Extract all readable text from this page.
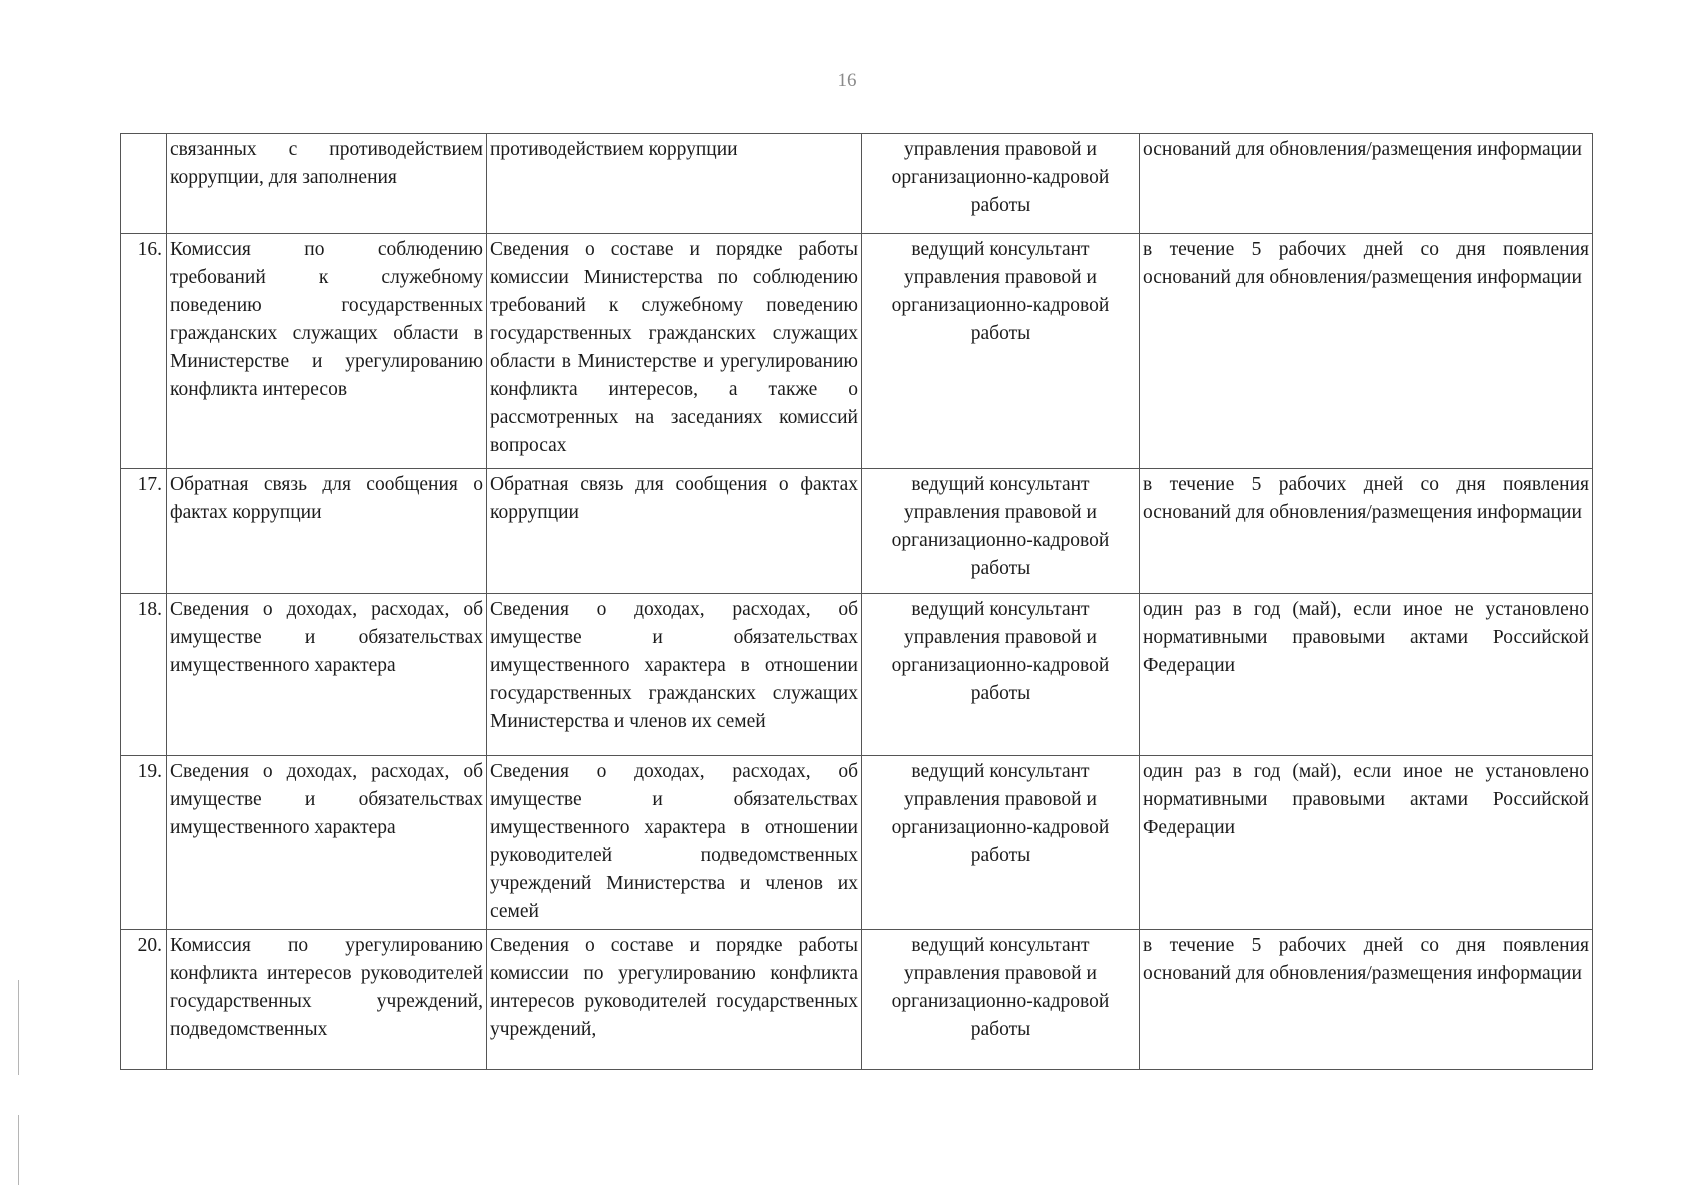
16
	связанных с противодействием коррупции, для заполнения	противодействием коррупции	управления правовой и организационно-кадровой работы	оснований для обновления/размещения информации
16.	Комиссия по соблюдению требований к служебному поведению государственных гражданских служащих области в Министерстве и урегулированию конфликта интересов	Сведения о составе и порядке работы комиссии Министерства по соблюдению требований к служебному поведению государственных гражданских служащих области в Министерстве и урегулированию конфликта интересов, а также о рассмотренных на заседаниях комиссий вопросах	ведущий консультант управления правовой и организационно-кадровой работы	в течение 5 рабочих дней со дня появления оснований для обновления/размещения информации
17.	Обратная связь для сообщения о фактах коррупции	Обратная связь для сообщения о фактах коррупции	ведущий консультант управления правовой и организационно-кадровой работы	в течение 5 рабочих дней со дня появления оснований для обновления/размещения информации
18.	Сведения о доходах, расходах, об имуществе и обязательствах имущественного характера	Сведения о доходах, расходах, об имуществе и обязательствах имущественного характера в отношении государственных гражданских служащих Министерства и членов их семей	ведущий консультант управления правовой и организационно-кадровой работы	один раз в год (май), если иное не установлено нормативными правовыми актами Российской Федерации
19.	Сведения о доходах, расходах, об имуществе и обязательствах имущественного характера	Сведения о доходах, расходах, об имуществе и обязательствах имущественного характера в отношении руководителей подведомственных учреждений Министерства и членов их семей	ведущий консультант управления правовой и организационно-кадровой работы	один раз в год (май), если иное не установлено нормативными правовыми актами Российской Федерации
20.	Комиссия по урегулированию конфликта интересов руководителей государственных учреждений, подведомственных	Сведения о составе и порядке работы комиссии по урегулированию конфликта интересов руководителей государственных учреждений,	ведущий консультант управления правовой и организационно-кадровой работы	в течение 5 рабочих дней со дня появления оснований для обновления/размещения информации
